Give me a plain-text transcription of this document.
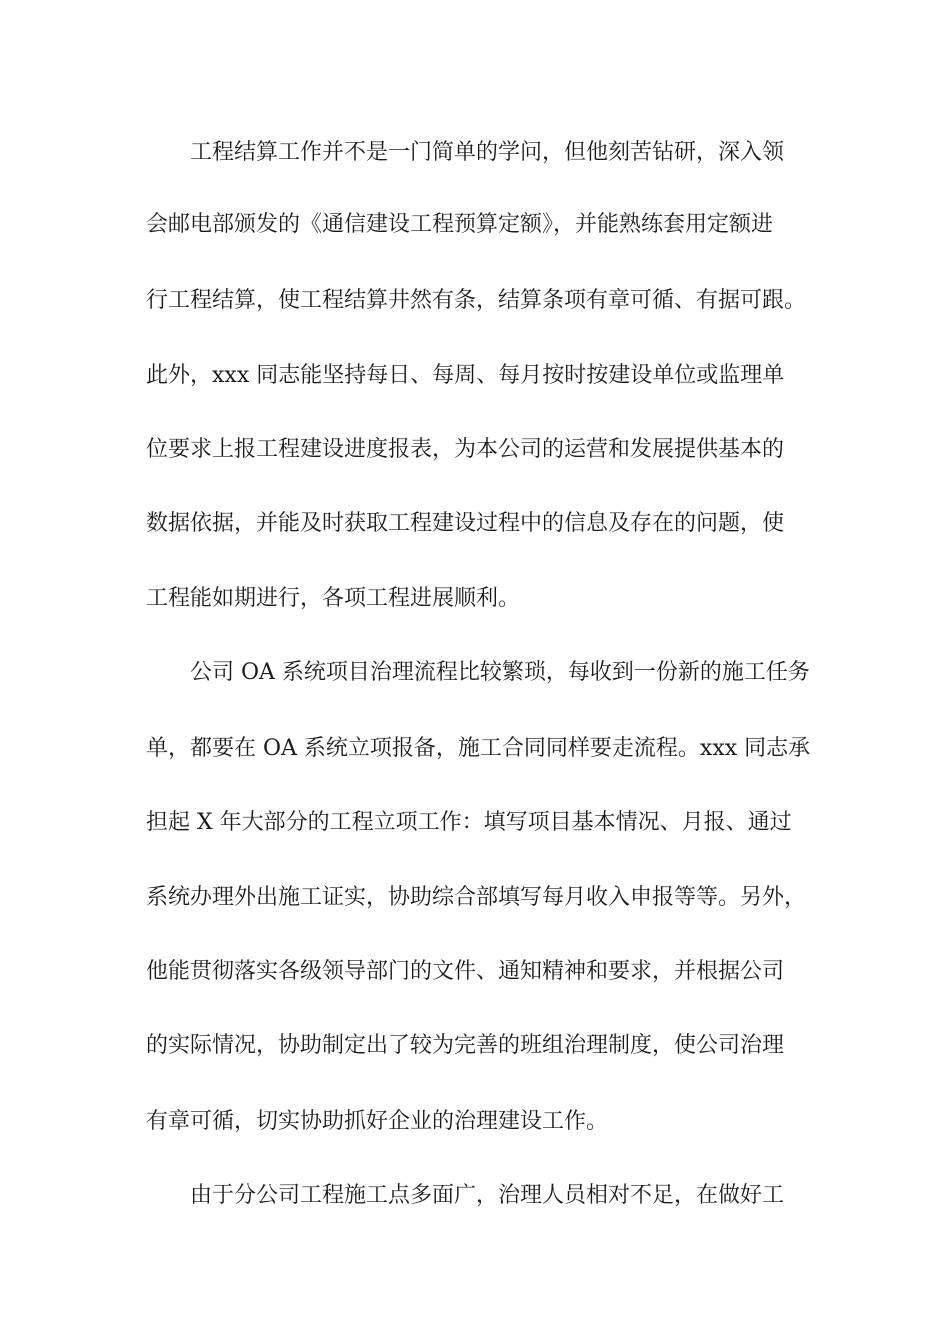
工程结算工作并不是一门简单的学问，但他刻苦钻研，深入领
会邮电部颁发的《通信建设工程预算定额》，并能熟练套用定额进
行工程结算，使工程结算井然有条，结算条项有章可循、有据可跟。
此外，xxx 同志能坚持每日、每周、每月按时按建设单位或监理单
位要求上报工程建设进度报表，为本公司的运营和发展提供基本的
数据依据，并能及时获取工程建设过程中的信息及存在的问题，使
工程能如期进行，各项工程进展顺利。
公司 OA 系统项目治理流程比较繁琐，每收到一份新的施工任务
单，都要在 OA 系统立项报备，施工合同同样要走流程。xxx 同志承
担起 X 年大部分的工程立项工作：填写项目基本情况、月报、通过
系统办理外出施工证实，协助综合部填写每月收入申报等等。另外，
他能贯彻落实各级领导部门的文件、通知精神和要求，并根据公司
的实际情况，协助制定出了较为完善的班组治理制度，使公司治理
有章可循，切实协助抓好企业的治理建设工作。
由于分公司工程施工点多面广，治理人员相对不足，在做好工
